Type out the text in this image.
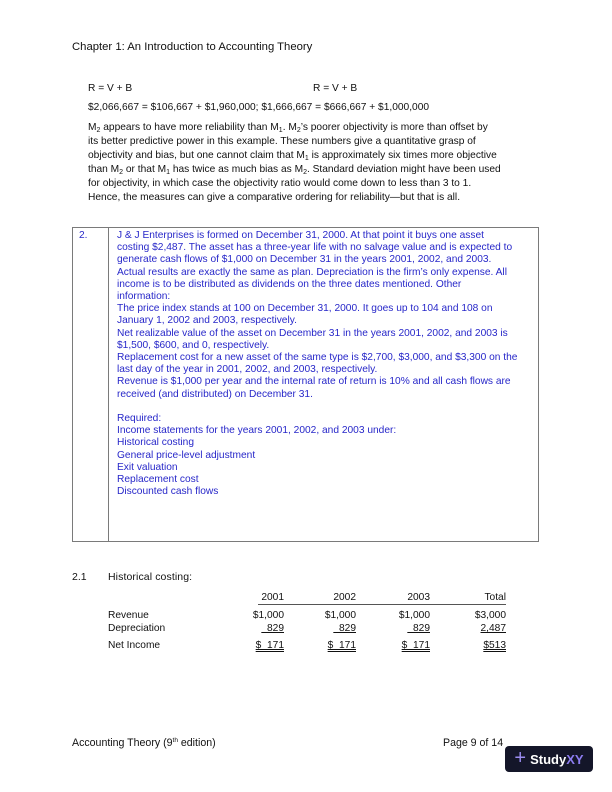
Chapter 1: An Introduction to Accounting Theory
R = V + B	R = V + B
$2,066,667 = $106,667 + $1,960,000; $1,666,667 = $666,667 + $1,000,000

$M_2$ appears to have more reliability than $M_1$. $M_2’s$ poorer objectivity is more than offset by

its better predictive power in this example. These numbers give a quantitative grasp of

objectivity and bias, but one cannot claim that $M_1$ is approximately six times more objective

than $M_2$ or that $M_1$ has twice as much bias as $M_2$. Standard deviation might have been used

for objectivity, in which case the objectivity ratio would come down to less than 3 to 1.

Hence, the measures can give a comparative ordering for reliability—but that is all.

2.	J & J Enterprises is formed on December 31, 2000. At that point it buys one asset
costing $2,487. The asset has a three-year life with no salvage value and is expected to
generate cash flows of $1,000 on December 31 in the years 2001, 2002, and 2003.
Actual results are exactly the same as plan. Depreciation is the firm’s only expense. All
income is to be distributed as dividends on the three dates mentioned. Other
information:
The price index stands at 100 on December 31, 2000. It goes up to 104 and 108 on
January 1, 2002 and 2003, respectively.
Net realizable value of the asset on December 31 in the years 2001, 2002, and 2003 is
$1,500, $600, and 0, respectively.
Replacement cost for a new asset of the same type is $2,700, $3,000, and $3,300 on the
last day of the year in 2001, 2002, and 2003, respectively.
Revenue is $1,000 per year and the internal rate of return is 10% and all cash flows are
received (and distributed) on December 31.
Required:
Income statements for the years 2001, 2002, and 2003 under:
Historical costing
General price-level adjustment
Exit valuation
Replacement cost
Discounted cash flows
2.1 Historical costing:
2001	2002	2003	Total
Revenue	$1,000	$1,000	$1,000	$3,000
Depreciation	829	829	829	2,487
Net Income	$  171	$  171	$  171	$513
Accounting Theory (9th edition)	Page 9 of 14
+ StudyXY
